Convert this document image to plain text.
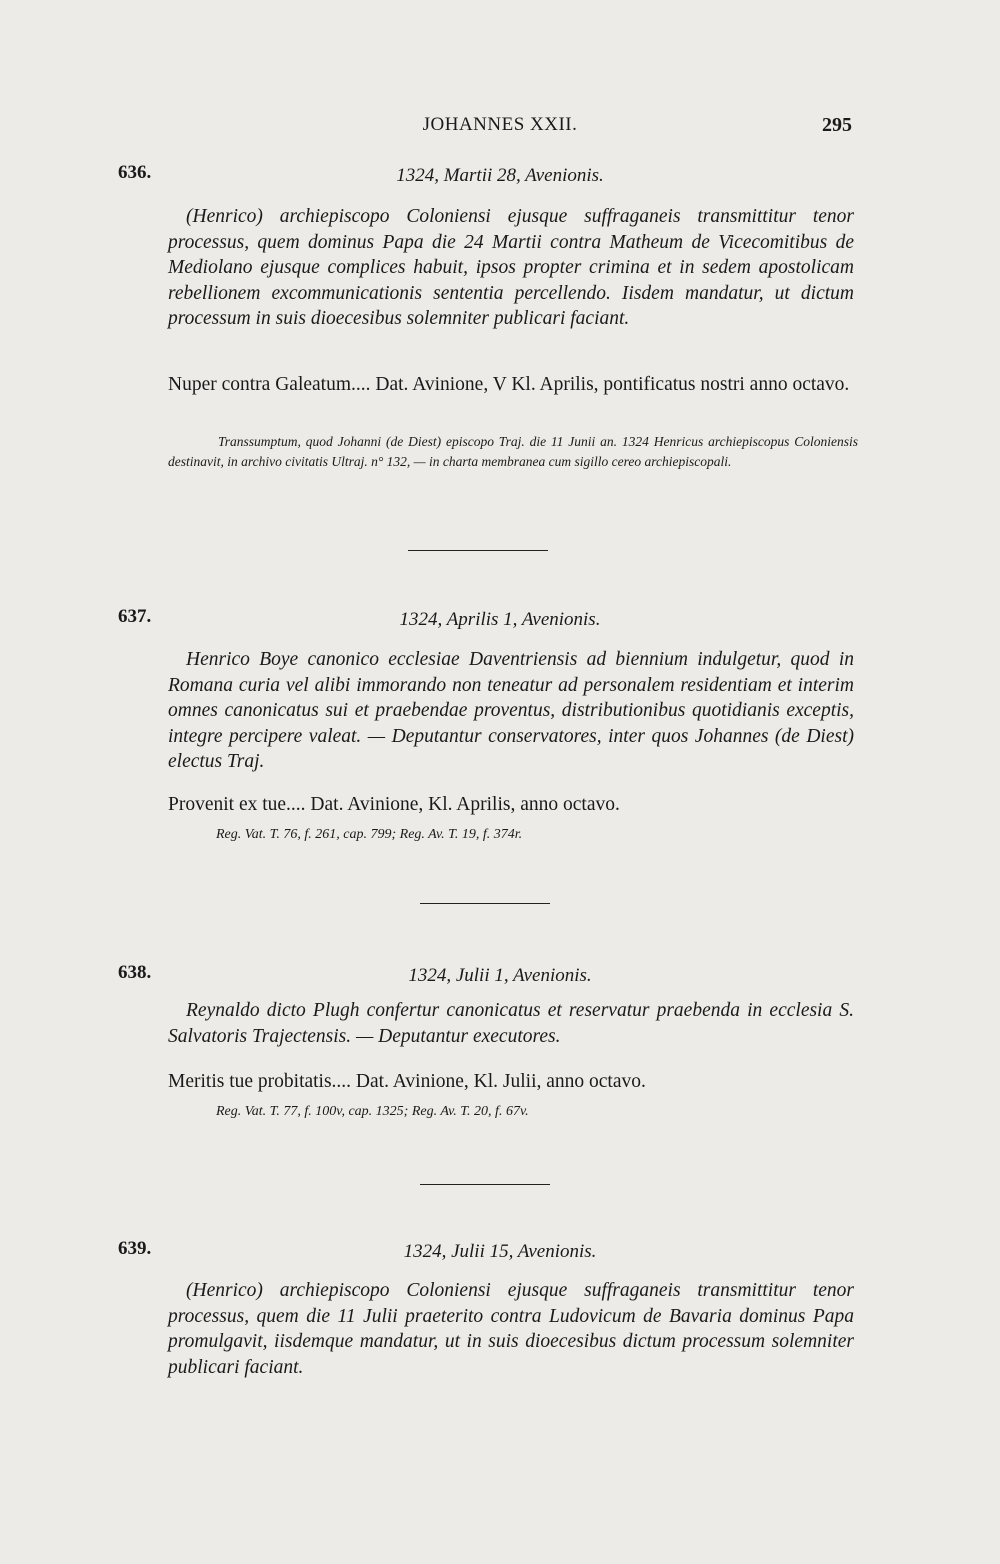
JOHANNES XXII.	295
636.	1324, Martii 28, Avenionis.

(Henrico) archiepiscopo Coloniensi ejusque suffraganeis transmittitur tenor processus, quem dominus Papa die 24 Martii contra Matheum de Vicecomitibus de Mediolano ejusque complices habuit, ipsos propter crimina et in sedem apostolicam rebellionem excommunicationis sententia percellendo. Iisdem mandatur, ut dictum processum in suis dioecesibus solemniter publicari faciant.

Nuper contra Galeatum.... Dat. Avinione, V Kl. Aprilis, pontificatus nostri anno octavo.

Transsumptum, quod Johanni (de Diest) episcopo Traj. die 11 Junii an. 1324 Henricus archiepiscopus Coloniensis destinavit, in archivo civitatis Ultraj. n° 132, — in charta membranea cum sigillo cereo archiepiscopali.

637.	1324, Aprilis 1, Avenionis.

Henrico Boye canonico ecclesiae Daventriensis ad biennium indulgetur, quod in Romana curia vel alibi immorando non teneatur ad personalem residentiam et interim omnes canonicatus sui et praebendae proventus, distributionibus quotidianis exceptis, integre percipere valeat. — Deputantur conservatores, inter quos Johannes (de Diest) electus Traj.

Provenit ex tue.... Dat. Avinione, Kl. Aprilis, anno octavo.

Reg. Vat. T. 76, f. 261, cap. 799; Reg. Av. T. 19, f. 374r.

638.	1324, Julii 1, Avenionis.

Reynaldo dicto Plugh confertur canonicatus et reservatur praebenda in ecclesia S. Salvatoris Trajectensis. — Deputantur executores.

Meritis tue probitatis.... Dat. Avinione, Kl. Julii, anno octavo.

Reg. Vat. T. 77, f. 100v, cap. 1325; Reg. Av. T. 20, f. 67v.

639.	1324, Julii 15, Avenionis.

(Henrico) archiepiscopo Coloniensi ejusque suffraganeis transmittitur tenor processus, quem die 11 Julii praeterito contra Ludovicum de Bavaria dominus Papa promulgavit, iisdemque mandatur, ut in suis dioecesibus dictum processum solemniter publicari faciant.
